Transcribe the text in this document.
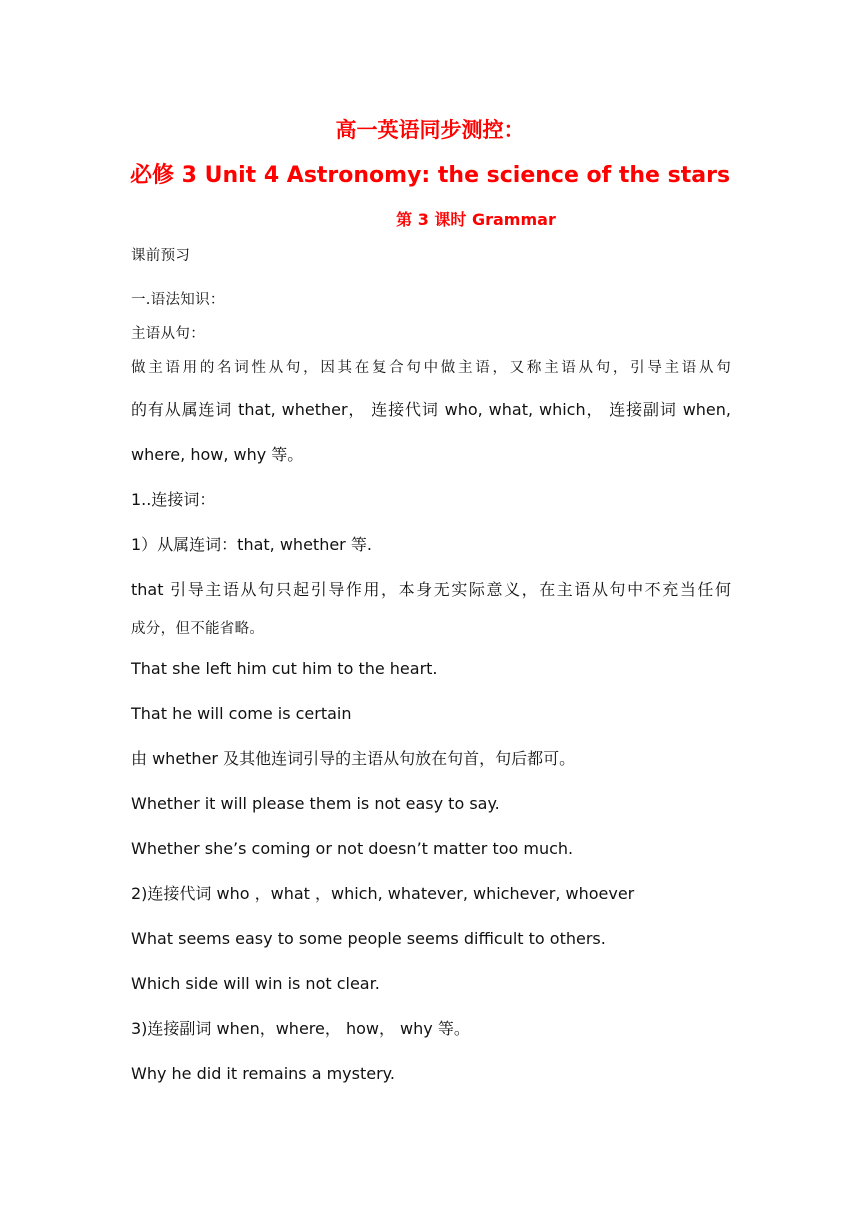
高一英语同步测控：
必修 3 Unit 4 Astronomy: the science of the stars
第 3 课时 Grammar
课前预习
一.语法知识：
主语从句：
做主语用的名词性从句，因其在复合句中做主语，又称主语从句，引导主语从句
的有从属连词 that, whether， 连接代词 who, what, which， 连接副词 when,
where, how, why 等。
1..连接词：
1）从属连词：that, whether 等.
that 引导主语从句只起引导作用，本身无实际意义，在主语从句中不充当任何
成分，但不能省略。
That she left him cut him to the heart.
That he will come is certain
由 whether 及其他连词引导的主语从句放在句首，句后都可。
Whether it will please them is not easy to say.
Whether she’s coming or not doesn’t matter too much.
2)连接代词 who ，what ，which, whatever, whichever, whoever
What seems easy to some people seems difficult to others.
Which side will win is not clear.
3)连接副词 when，where， how， why 等。
Why he did it remains a mystery.
